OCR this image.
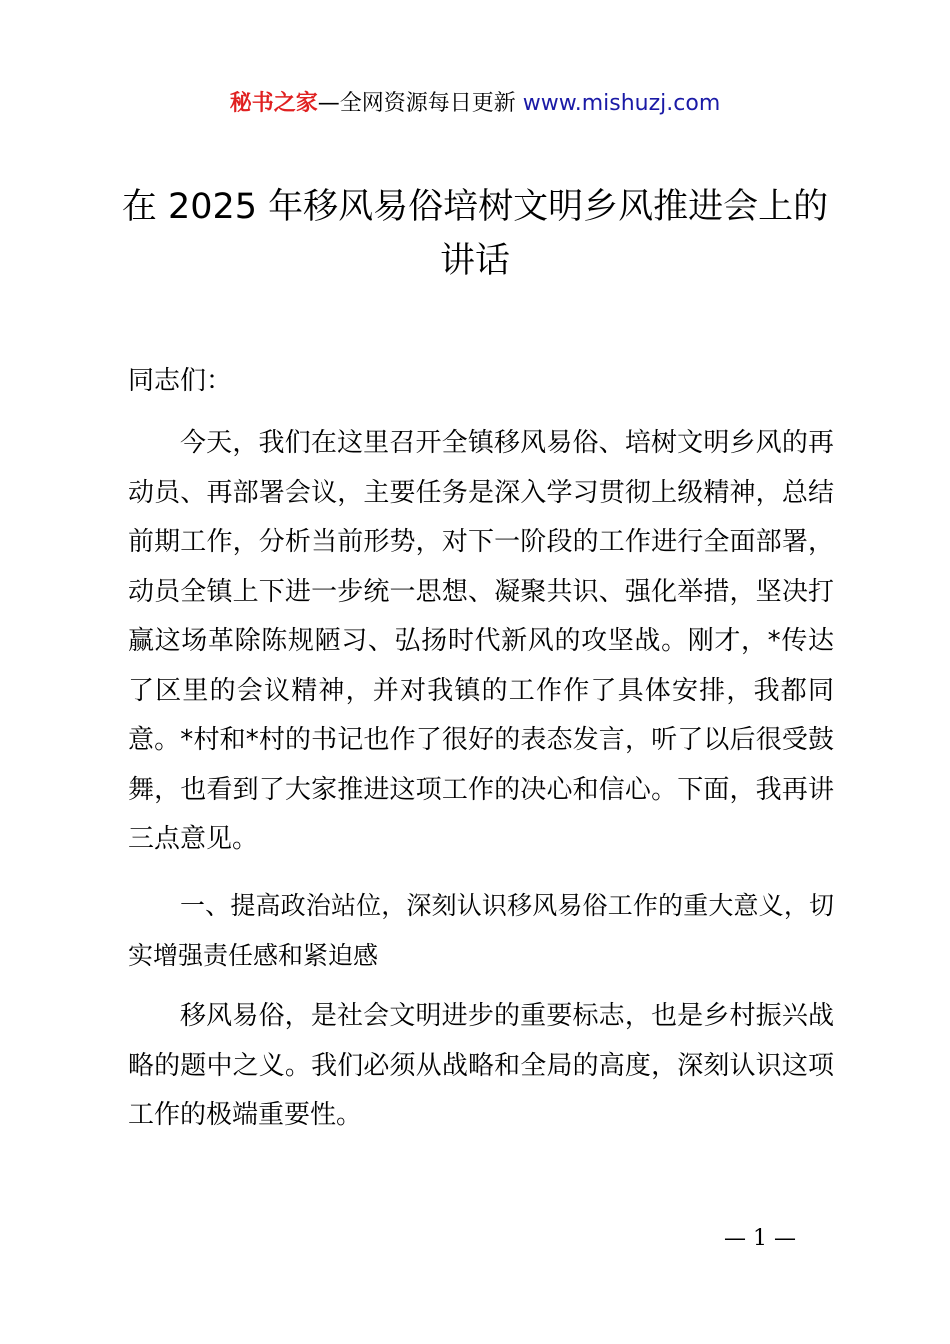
秘书之家—全网资源每日更新 www.mishuzj.com
在 2025 年移风易俗培树文明乡风推进会上的讲话
同志们：
今天，我们在这里召开全镇移风易俗、培树文明乡风的再动员、再部署会议，主要任务是深入学习贯彻上级精神，总结前期工作，分析当前形势，对下一阶段的工作进行全面部署，动员全镇上下进一步统一思想、凝聚共识、强化举措，坚决打赢这场革除陈规陋习、弘扬时代新风的攻坚战。刚才，*传达了区里的会议精神，并对我镇的工作作了具体安排，我都同意。*村和*村的书记也作了很好的表态发言，听了以后很受鼓舞，也看到了大家推进这项工作的决心和信心。下面，我再讲三点意见。
一、提高政治站位，深刻认识移风易俗工作的重大意义，切实增强责任感和紧迫感
移风易俗，是社会文明进步的重要标志，也是乡村振兴战略的题中之义。我们必须从战略和全局的高度，深刻认识这项工作的极端重要性。
— 1 —
